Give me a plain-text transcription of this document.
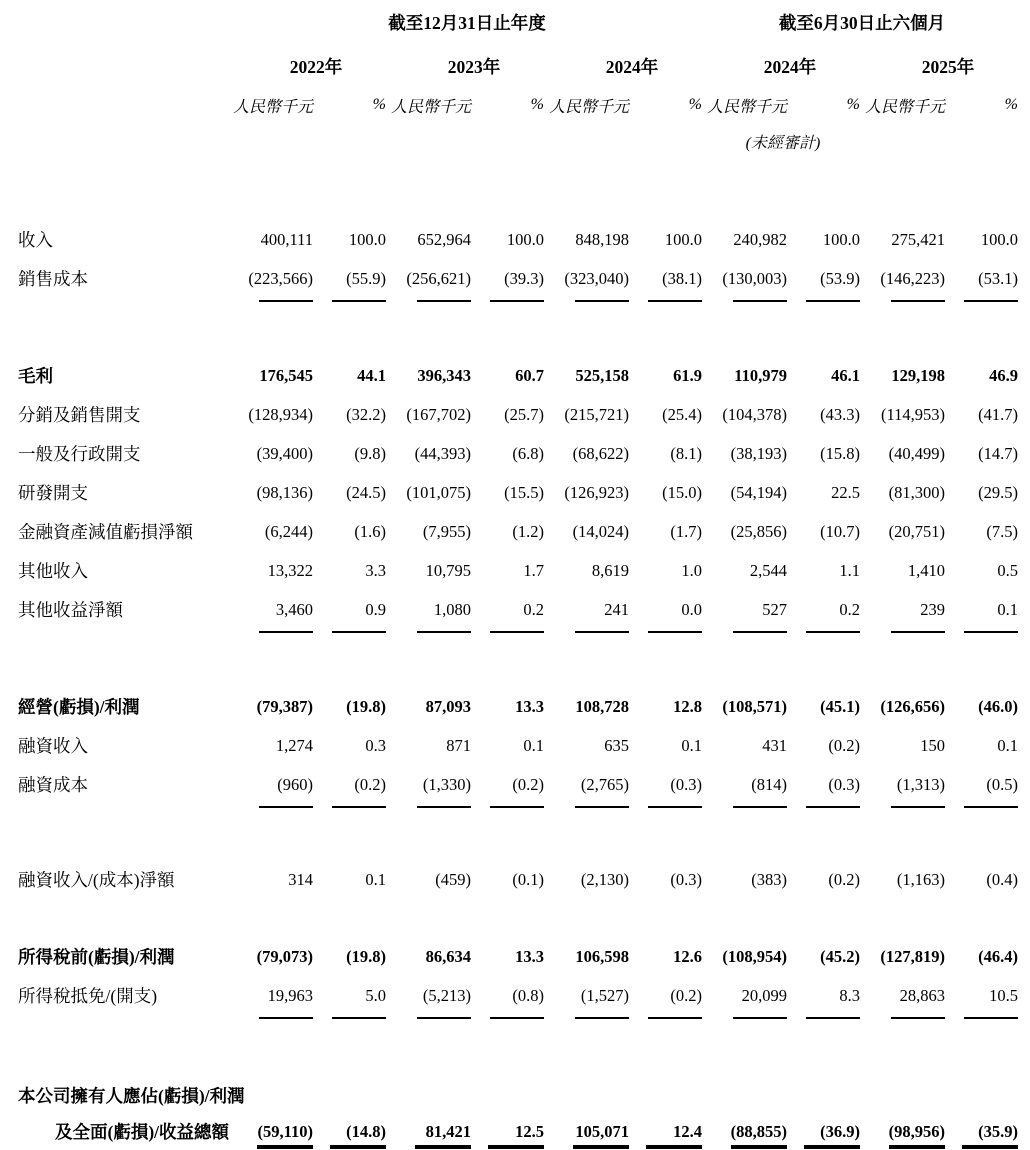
	截至12月31日止年度						截至6月30日止六個月			
	2022年		2023年		2024年		2024年		2025年	
	人民幣千元	%	人民幣千元	%	人民幣千元	%	人民幣千元	%	人民幣千元	%
							(未經審計)			

收入	400,111	100.0	652,964	100.0	848,198	100.0	240,982	100.0	275,421	100.0
銷售成本	(223,566)	(55.9)	(256,621)	(39.3)	(323,040)	(38.1)	(130,003)	(53.9)	(146,223)	(53.1)

毛利	176,545	44.1	396,343	60.7	525,158	61.9	110,979	46.1	129,198	46.9
分銷及銷售開支	(128,934)	(32.2)	(167,702)	(25.7)	(215,721)	(25.4)	(104,378)	(43.3)	(114,953)	(41.7)
一般及行政開支	(39,400)	(9.8)	(44,393)	(6.8)	(68,622)	(8.1)	(38,193)	(15.8)	(40,499)	(14.7)
研發開支	(98,136)	(24.5)	(101,075)	(15.5)	(126,923)	(15.0)	(54,194)	22.5	(81,300)	(29.5)
金融資產減值虧損淨額	(6,244)	(1.6)	(7,955)	(1.2)	(14,024)	(1.7)	(25,856)	(10.7)	(20,751)	(7.5)
其他收入	13,322	3.3	10,795	1.7	8,619	1.0	2,544	1.1	1,410	0.5
其他收益淨額	3,460	0.9	1,080	0.2	241	0.0	527	0.2	239	0.1

經營(虧損)/利潤	(79,387)	(19.8)	87,093	13.3	108,728	12.8	(108,571)	(45.1)	(126,656)	(46.0)
融資收入	1,274	0.3	871	0.1	635	0.1	431	(0.2)	150	0.1
融資成本	(960)	(0.2)	(1,330)	(0.2)	(2,765)	(0.3)	(814)	(0.3)	(1,313)	(0.5)

融資收入/(成本)淨額	314	0.1	(459)	(0.1)	(2,130)	(0.3)	(383)	(0.2)	(1,163)	(0.4)

所得稅前(虧損)/利潤	(79,073)	(19.8)	86,634	13.3	106,598	12.6	(108,954)	(45.2)	(127,819)	(46.4)
所得稅抵免/(開支)	19,963	5.0	(5,213)	(0.8)	(1,527)	(0.2)	20,099	8.3	28,863	10.5

本公司擁有人應佔(虧損)/利潤
及全面(虧損)/收益總額	(59,110)	(14.8)	81,421	12.5	105,071	12.4	(88,855)	(36.9)	(98,956)	(35.9)
